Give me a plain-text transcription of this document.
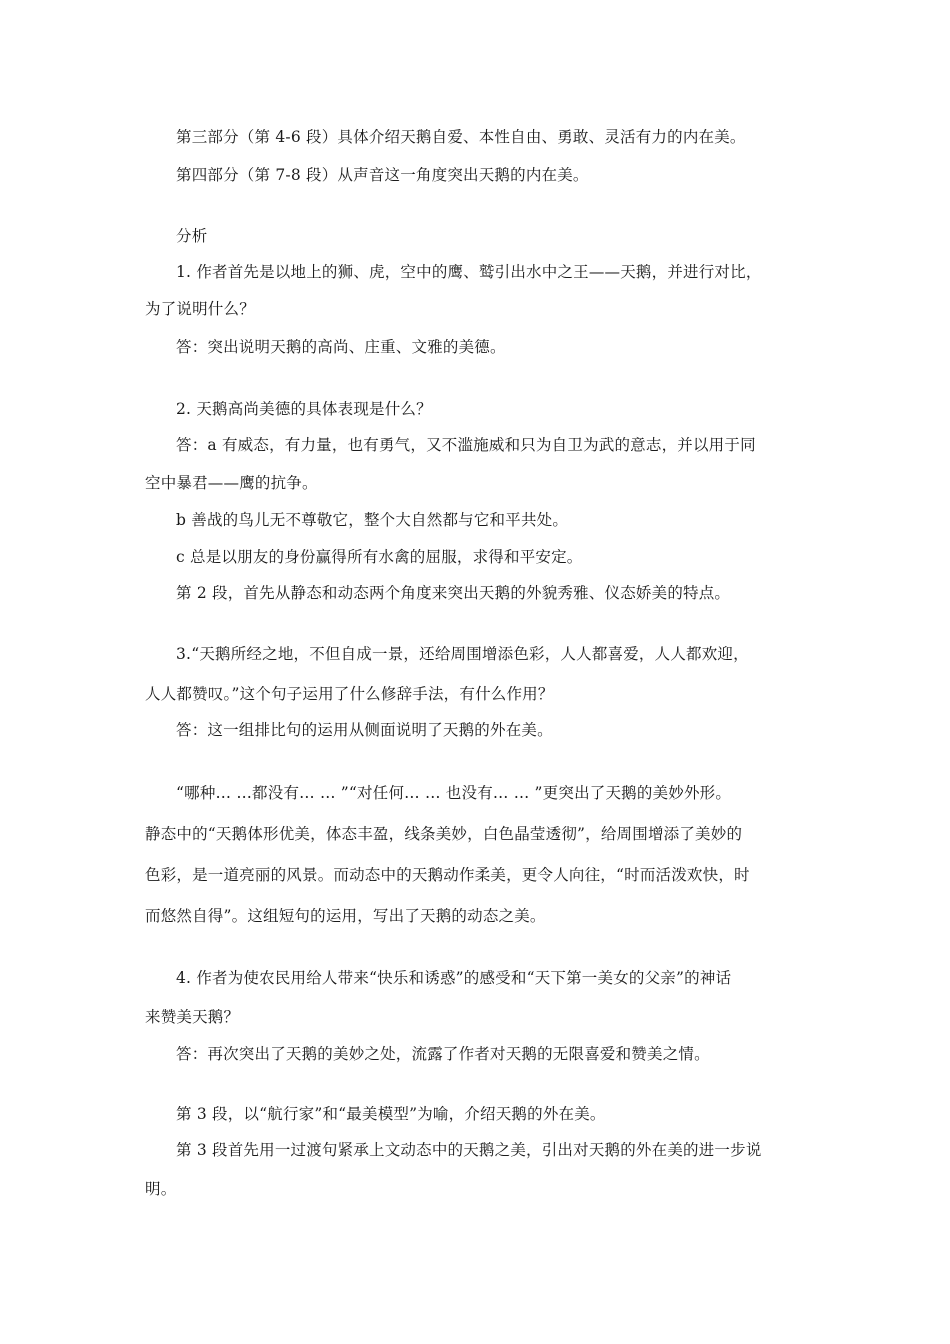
第三部分（第 4-6 段）具体介绍天鹅自爱、本性自由、勇敢、灵活有力的内在美。
第四部分（第 7-8 段）从声音这一角度突出天鹅的内在美。
分析
1. 作者首先是以地上的狮、虎，空中的鹰、鹫引出水中之王——天鹅，并进行对比，
为了说明什么？
答：突出说明天鹅的高尚、庄重、文雅的美德。
2. 天鹅高尚美德的具体表现是什么？
答：a 有威态，有力量，也有勇气，又不滥施威和只为自卫为武的意志，并以用于同
空中暴君——鹰的抗争。
b 善战的鸟儿无不尊敬它，整个大自然都与它和平共处。
c 总是以朋友的身份赢得所有水禽的屈服，求得和平安定。
第 2 段，首先从静态和动态两个角度来突出天鹅的外貌秀雅、仪态娇美的特点。
3.“天鹅所经之地，不但自成一景，还给周围增添色彩，人人都喜爱，人人都欢迎，
人人都赞叹。”这个句子运用了什么修辞手法，有什么作用？
答：这一组排比句的运用从侧面说明了天鹅的外在美。
“哪种… …都没有… … ”“对任何… … 也没有… … ”更突出了天鹅的美妙外形。
静态中的“天鹅体形优美，体态丰盈，线条美妙，白色晶莹透彻”，给周围增添了美妙的
色彩，是一道亮丽的风景。而动态中的天鹅动作柔美，更令人向往，“时而活泼欢快，时
而悠然自得”。这组短句的运用，写出了天鹅的动态之美。
4. 作者为使农民用给人带来“快乐和诱惑”的感受和“天下第一美女的父亲”的神话
来赞美天鹅？
答：再次突出了天鹅的美妙之处，流露了作者对天鹅的无限喜爱和赞美之情。
第 3 段，以“航行家”和“最美模型”为喻，介绍天鹅的外在美。
第 3 段首先用一过渡句紧承上文动态中的天鹅之美，引出对天鹅的外在美的进一步说
明。
